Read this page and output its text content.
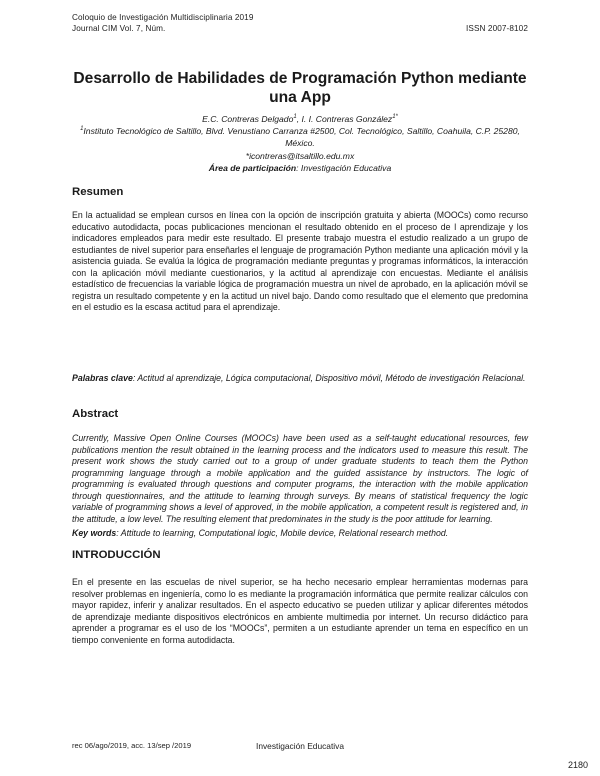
Coloquio de Investigación Multidisciplinaria 2019
Journal CIM Vol. 7, Núm.	ISSN 2007-8102
Desarrollo de Habilidades de Programación Python mediante una App
E.C. Contreras Delgado$^1$, I. I. Contreras González$^{1*}$
$^1$Instituto Tecnológico de Saltillo, Blvd. Venustiano Carranza #2500, Col. Tecnológico, Saltillo, Coahuila, C.P. 25280, México.
*icontreras@itsaltillo.edu.mx
Área de participación: Investigación Educativa
Resumen

En la actualidad se emplean cursos en línea con la opción de inscripción gratuita y abierta (MOOCs) como recurso educativo autodidacta, pocas publicaciones mencionan el resultado obtenido en el proceso de l aprendizaje y los indicadores empleados para medir este resultado. El presente trabajo muestra el estudio realizado a un grupo de estudiantes de nivel superior para enseñarles el lenguaje de programación Python mediante una aplicación móvil y la asistencia guiada. Se evalúa la lógica de programación mediante preguntas y programas informáticos, la interacción con la aplicación móvil mediante cuestionarios, y la actitud al aprendizaje con encuestas. Mediante el análisis estadístico de frecuencias la variable lógica de programación muestra un nivel de aprobado, en la aplicación móvil se registra un resultado competente y en la actitud un nivel bajo. Dando como resultado que el elemento que predomina en el estudio es la escasa actitud para el aprendizaje.

Palabras clave: Actitud al aprendizaje, Lógica computacional, Dispositivo móvil, Método de investigación Relacional.

Abstract

Currently, Massive Open Online Courses (MOOCs) have been used as a self-taught educational resources, few publications mention the result obtained in the learning process and the indicators used to measure this result. The present work shows the study carried out to a group of under graduate students to teach them the Python programming language through a mobile application and the guided assistance by instructors. The logic of programming is evaluated through questions and computer programs, the interaction with the mobile application through questionnaires, and the attitude to learning through surveys. By means of statistical frequency the logic variable of programming shows a level of approved, in the mobile application, a competent result is registered and, in the attitude, a low level. The resulting element that predominates in the study is the poor attitude for learning.

Key words: Attitude to learning, Computational logic, Mobile device, Relational research method.

INTRODUCCIÓN

En el presente en las escuelas de nivel superior, se ha hecho necesario emplear herramientas modernas para resolver problemas en ingeniería, como lo es mediante la programación informática que permite realizar cálculos con mayor rapidez, inferir y analizar resultados. En el aspecto educativo se pueden utilizar y aplicar diferentes métodos de aprendizaje mediante dispositivos electrónicos en ambiente multimedia por internet. Un recurso didáctico para aprender a programar es el uso de los “MOOCs”, permiten a un estudiante aprender un tema en específico en un tiempo conveniente en forma autodidacta.

rec 06/ago/2019, acc. 13/sep /2019	Investigación Educativa
2180
